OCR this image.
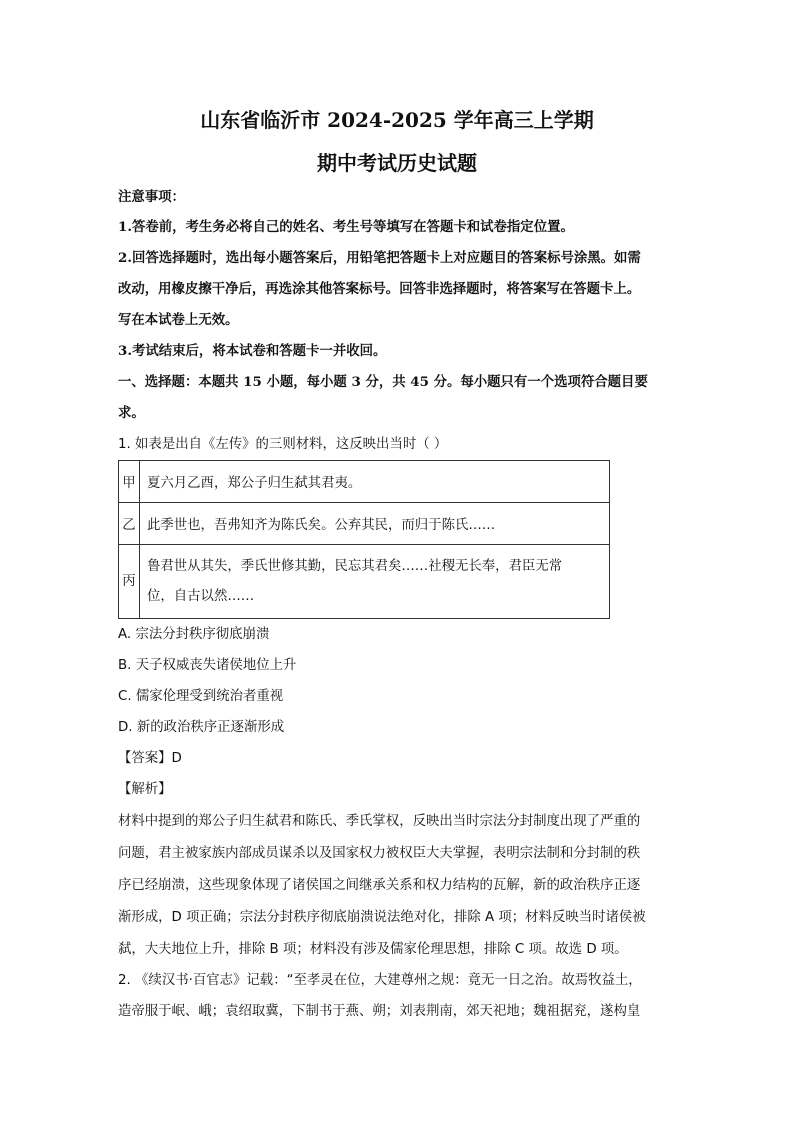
山东省临沂市 2024-2025 学年高三上学期
期中考试历史试题
注意事项：
1.答卷前，考生务必将自己的姓名、考生号等填写在答题卡和试卷指定位置。
2.回答选择题时，选出每小题答案后，用铅笔把答题卡上对应题目的答案标号涂黑。如需
改动，用橡皮擦干净后，再选涂其他答案标号。回答非选择题时，将答案写在答题卡上。
写在本试卷上无效。
3.考试结束后，将本试卷和答题卡一并收回。
一、选择题：本题共 15 小题，每小题 3 分，共 45 分。每小题只有一个选项符合题目要
求。
1. 如表是出自《左传》的三则材料，这反映出当时（ ）
甲	夏六月乙酉，郑公子归生弑其君夷。
乙	此季世也，吾弗知齐为陈氏矣。公弃其民，而归于陈氏……
丙	鲁君世从其失，季氏世修其勤，民忘其君矣……社稷无长奉，君臣无常
位，自古以然……
A. 宗法分封秩序彻底崩溃
B. 天子权威丧失诸侯地位上升
C. 儒家伦理受到统治者重视
D. 新的政治秩序正逐渐形成
【答案】D
【解析】
材料中提到的郑公子归生弑君和陈氏、季氏掌权，反映出当时宗法分封制度出现了严重的
问题，君主被家族内部成员谋杀以及国家权力被权臣大夫掌握，表明宗法制和分封制的秩
序已经崩溃，这些现象体现了诸侯国之间继承关系和权力结构的瓦解，新的政治秩序正逐
渐形成，D 项正确；宗法分封秩序彻底崩溃说法绝对化，排除 A 项；材料反映当时诸侯被
弑，大夫地位上升，排除 B 项；材料没有涉及儒家伦理思想，排除 C 项。故选 D 项。
2. 《续汉书·百官志》记载：“至孝灵在位，大建尊州之规：竟无一日之治。故焉牧益土，
造帝服于岷、峨；袁绍取冀，下制书于燕、朔；刘表荆南，郊天祀地；魏祖据兖，遂构皇
